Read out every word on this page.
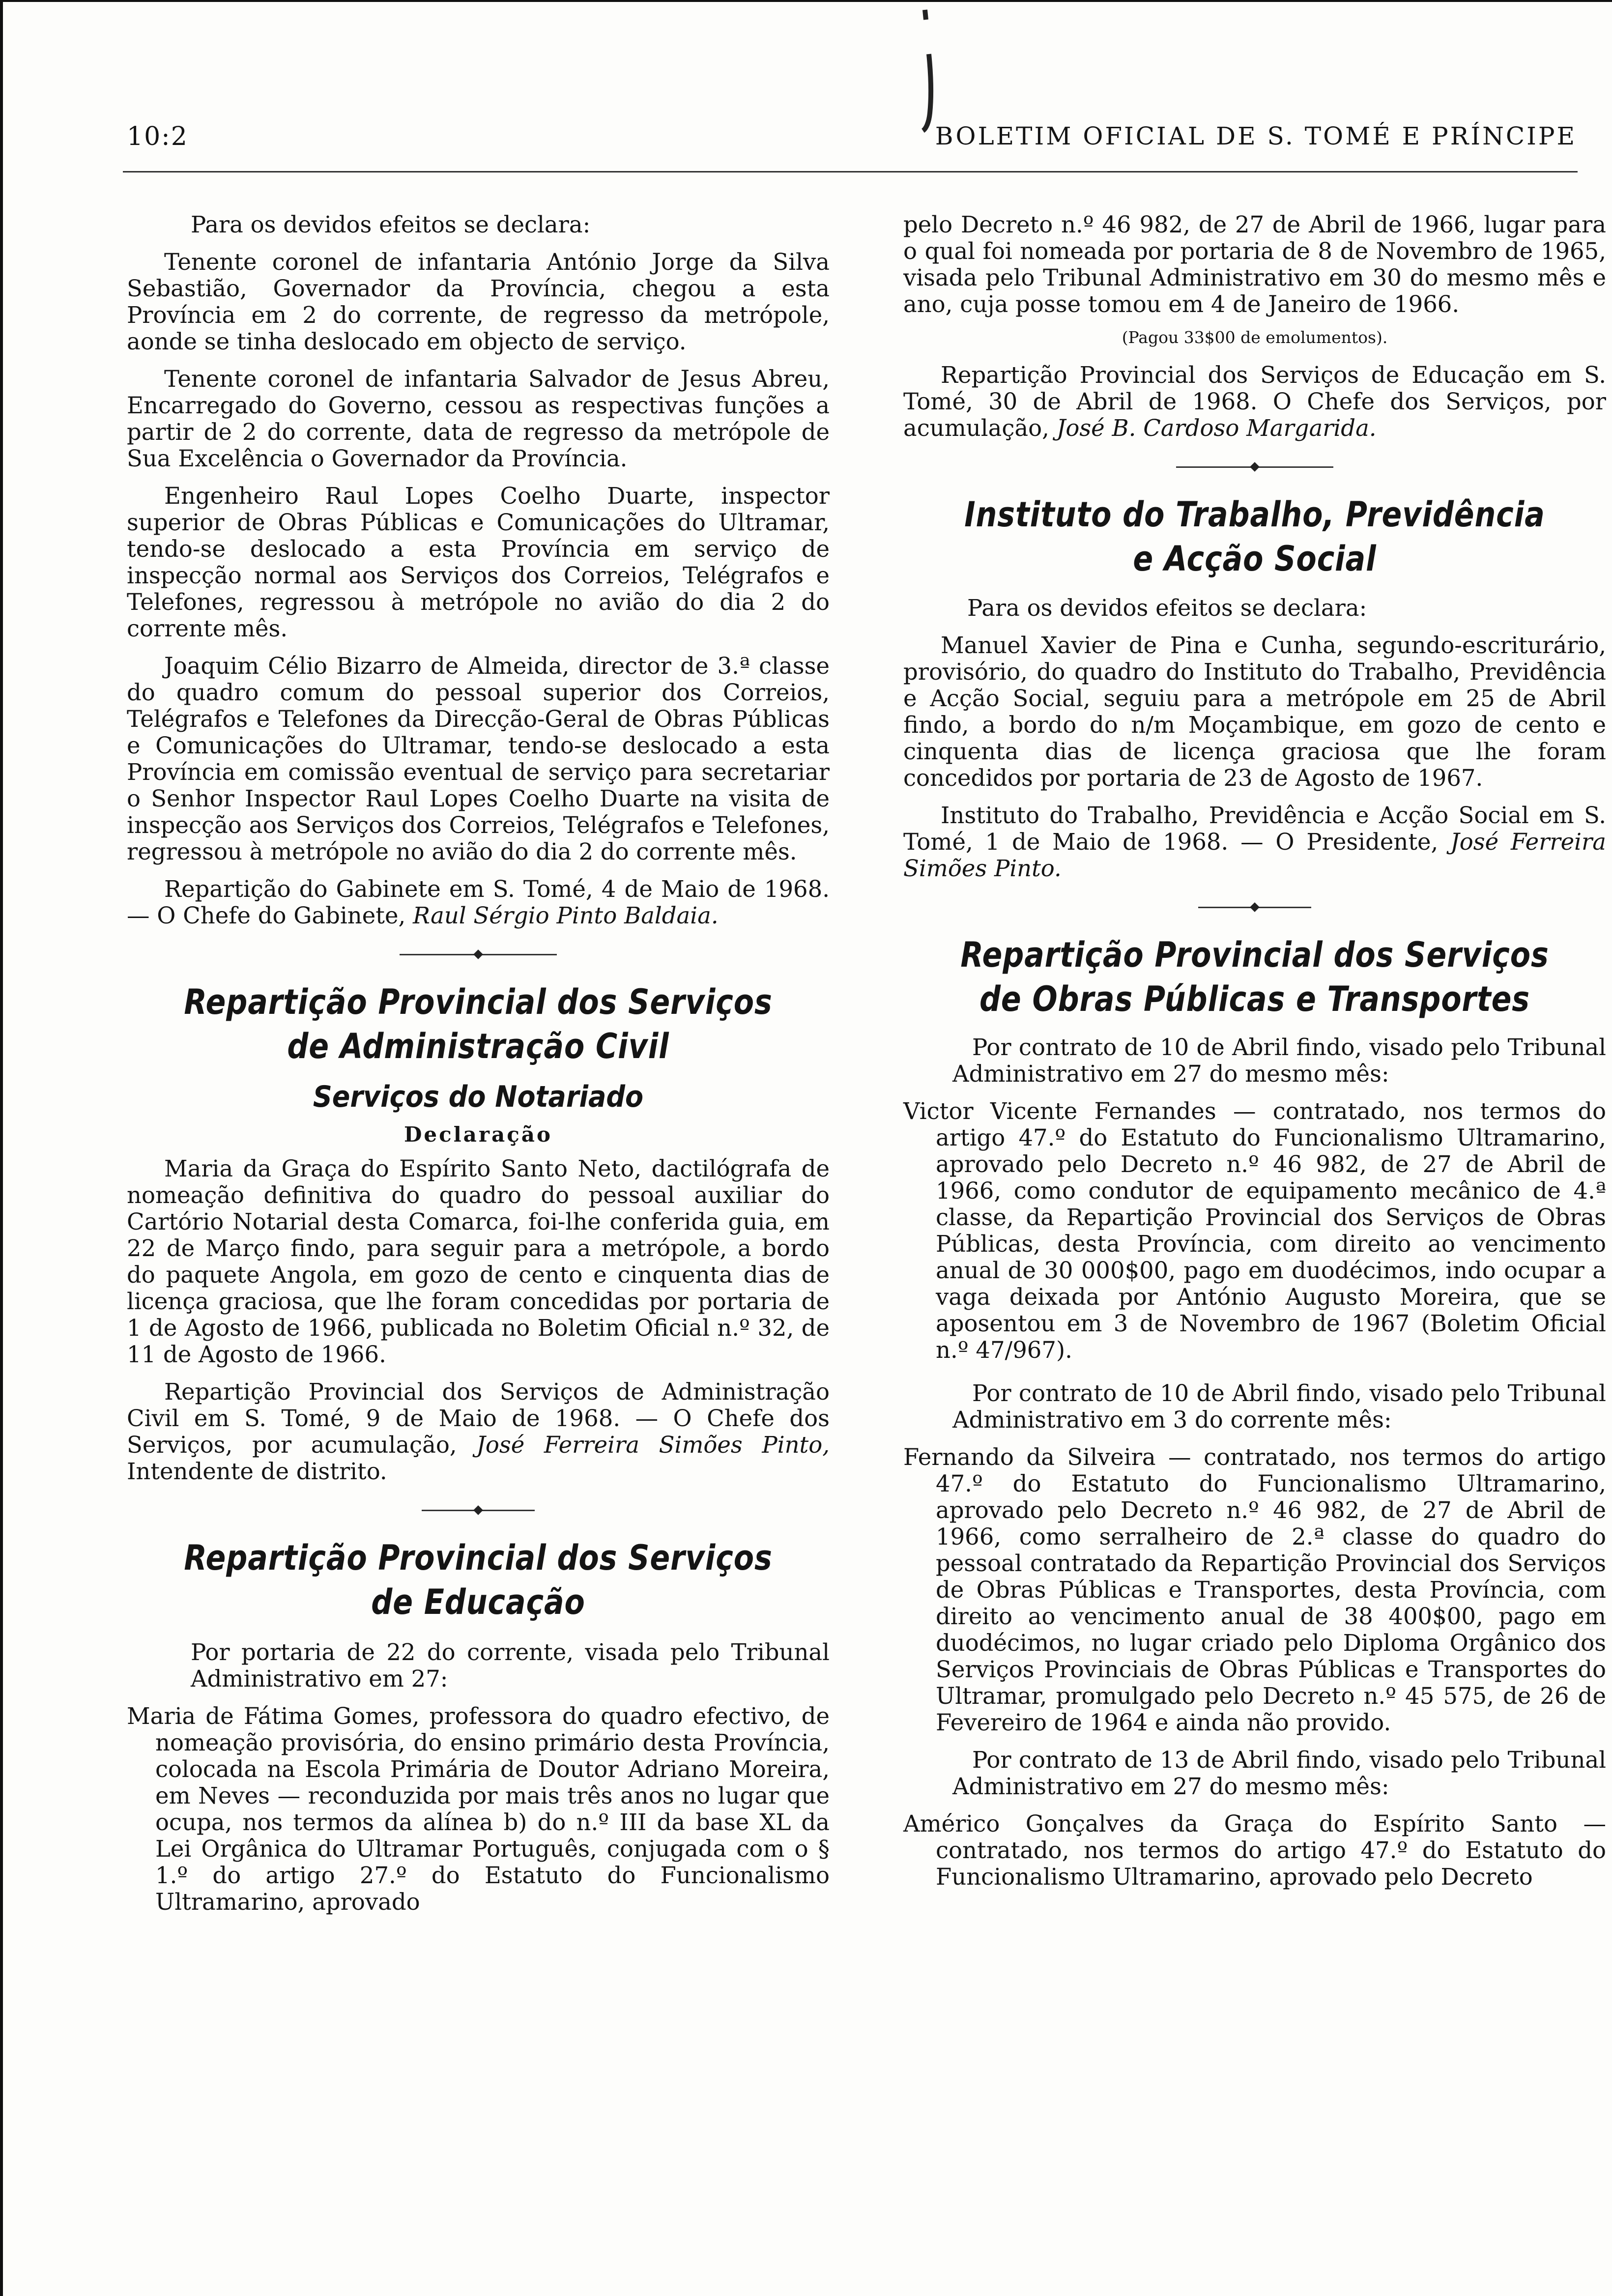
10:2	BOLETIM OFICIAL DE S. TOMÉ E PRÍNCIPE

Para os devidos efeitos se declara:

Tenente coronel de infantaria António Jorge da Silva Sebastião, Governador da Província, chegou a esta Província em 2 do corrente, de regresso da metrópole, aonde se tinha deslocado em objecto de serviço.

Tenente coronel de infantaria Salvador de Jesus Abreu, Encarregado do Governo, cessou as respectivas funções a partir de 2 do corrente, data de regresso da metrópole de Sua Excelência o Governador da Província.

Engenheiro Raul Lopes Coelho Duarte, inspector superior de Obras Públicas e Comunicações do Ultramar, tendo-se deslocado a esta Província em serviço de inspecção normal aos Serviços dos Correios, Telégrafos e Telefones, regressou à metrópole no avião do dia 2 do corrente mês.

Joaquim Célio Bizarro de Almeida, director de 3.ª classe do quadro comum do pessoal superior dos Correios, Telégrafos e Telefones da Direcção-Geral de Obras Públicas e Comunicações do Ultramar, tendo-se deslocado a esta Província em comissão eventual de serviço para secretariar o Senhor Inspector Raul Lopes Coelho Duarte na visita de inspecção aos Serviços dos Correios, Telégrafos e Telefones, regressou à metrópole no avião do dia 2 do corrente mês.

Repartição do Gabinete em S. Tomé, 4 de Maio de 1968. — O Chefe do Gabinete, Raul Sérgio Pinto Baldaia.

Repartição Provincial dos Serviços de Administração Civil
Serviços do Notariado
Declaração

Maria da Graça do Espírito Santo Neto, dactilógrafa de nomeação definitiva do quadro do pessoal auxiliar do Cartório Notarial desta Comarca, foi-lhe conferida guia, em 22 de Março findo, para seguir para a metrópole, a bordo do paquete Angola, em gozo de cento e cinquenta dias de licença graciosa, que lhe foram concedidas por portaria de 1 de Agosto de 1966, publicada no Boletim Oficial n.º 32, de 11 de Agosto de 1966.

Repartição Provincial dos Serviços de Administração Civil em S. Tomé, 9 de Maio de 1968. — O Chefe dos Serviços, por acumulação, José Ferreira Simões Pinto, Intendente de distrito.

Repartição Provincial dos Serviços de Educação

Por portaria de 22 do corrente, visada pelo Tribunal Administrativo em 27:

Maria de Fátima Gomes, professora do quadro efectivo, de nomeação provisória, do ensino primário desta Província, colocada na Escola Primária de Doutor Adriano Moreira, em Neves — reconduzida por mais três anos no lugar que ocupa, nos termos da alínea b) do n.º III da base XL da Lei Orgânica do Ultramar Português, conjugada com o § 1.º do artigo 27.º do Estatuto do Funcionalismo Ultramarino, aprovado

pelo Decreto n.º 46 982, de 27 de Abril de 1966, lugar para o qual foi nomeada por portaria de 8 de Novembro de 1965, visada pelo Tribunal Administrativo em 30 do mesmo mês e ano, cuja posse tomou em 4 de Janeiro de 1966.

(Pagou 33$00 de emolumentos).

Repartição Provincial dos Serviços de Educação em S. Tomé, 30 de Abril de 1968. O Chefe dos Serviços, por acumulação, José B. Cardoso Margarida.

Instituto do Trabalho, Previdência e Acção Social

Para os devidos efeitos se declara:

Manuel Xavier de Pina e Cunha, segundo-escriturário, provisório, do quadro do Instituto do Trabalho, Previdência e Acção Social, seguiu para a metrópole em 25 de Abril findo, a bordo do n/m Moçambique, em gozo de cento e cinquenta dias de licença graciosa que lhe foram concedidos por portaria de 23 de Agosto de 1967.

Instituto do Trabalho, Previdência e Acção Social em S. Tomé, 1 de Maio de 1968. — O Presidente, José Ferreira Simões Pinto.

Repartição Provincial dos Serviços de Obras Públicas e Transportes

Por contrato de 10 de Abril findo, visado pelo Tribunal Administrativo em 27 do mesmo mês:

Victor Vicente Fernandes — contratado, nos termos do artigo 47.º do Estatuto do Funcionalismo Ultramarino, aprovado pelo Decreto n.º 46 982, de 27 de Abril de 1966, como condutor de equipamento mecânico de 4.ª classe, da Repartição Provincial dos Serviços de Obras Públicas, desta Província, com direito ao vencimento anual de 30 000$00, pago em duodécimos, indo ocupar a vaga deixada por António Augusto Moreira, que se aposentou em 3 de Novembro de 1967 (Boletim Oficial n.º 47/967).

Por contrato de 10 de Abril findo, visado pelo Tribunal Administrativo em 3 do corrente mês:

Fernando da Silveira — contratado, nos termos do artigo 47.º do Estatuto do Funcionalismo Ultramarino, aprovado pelo Decreto n.º 46 982, de 27 de Abril de 1966, como serralheiro de 2.ª classe do quadro do pessoal contratado da Repartição Provincial dos Serviços de Obras Públicas e Transportes, desta Província, com direito ao vencimento anual de 38 400$00, pago em duodécimos, no lugar criado pelo Diploma Orgânico dos Serviços Provinciais de Obras Públicas e Transportes do Ultramar, promulgado pelo Decreto n.º 45 575, de 26 de Fevereiro de 1964 e ainda não provido.

Por contrato de 13 de Abril findo, visado pelo Tribunal Administrativo em 27 do mesmo mês:

Américo Gonçalves da Graça do Espírito Santo — contratado, nos termos do artigo 47.º do Estatuto do Funcionalismo Ultramarino, aprovado pelo Decreto
